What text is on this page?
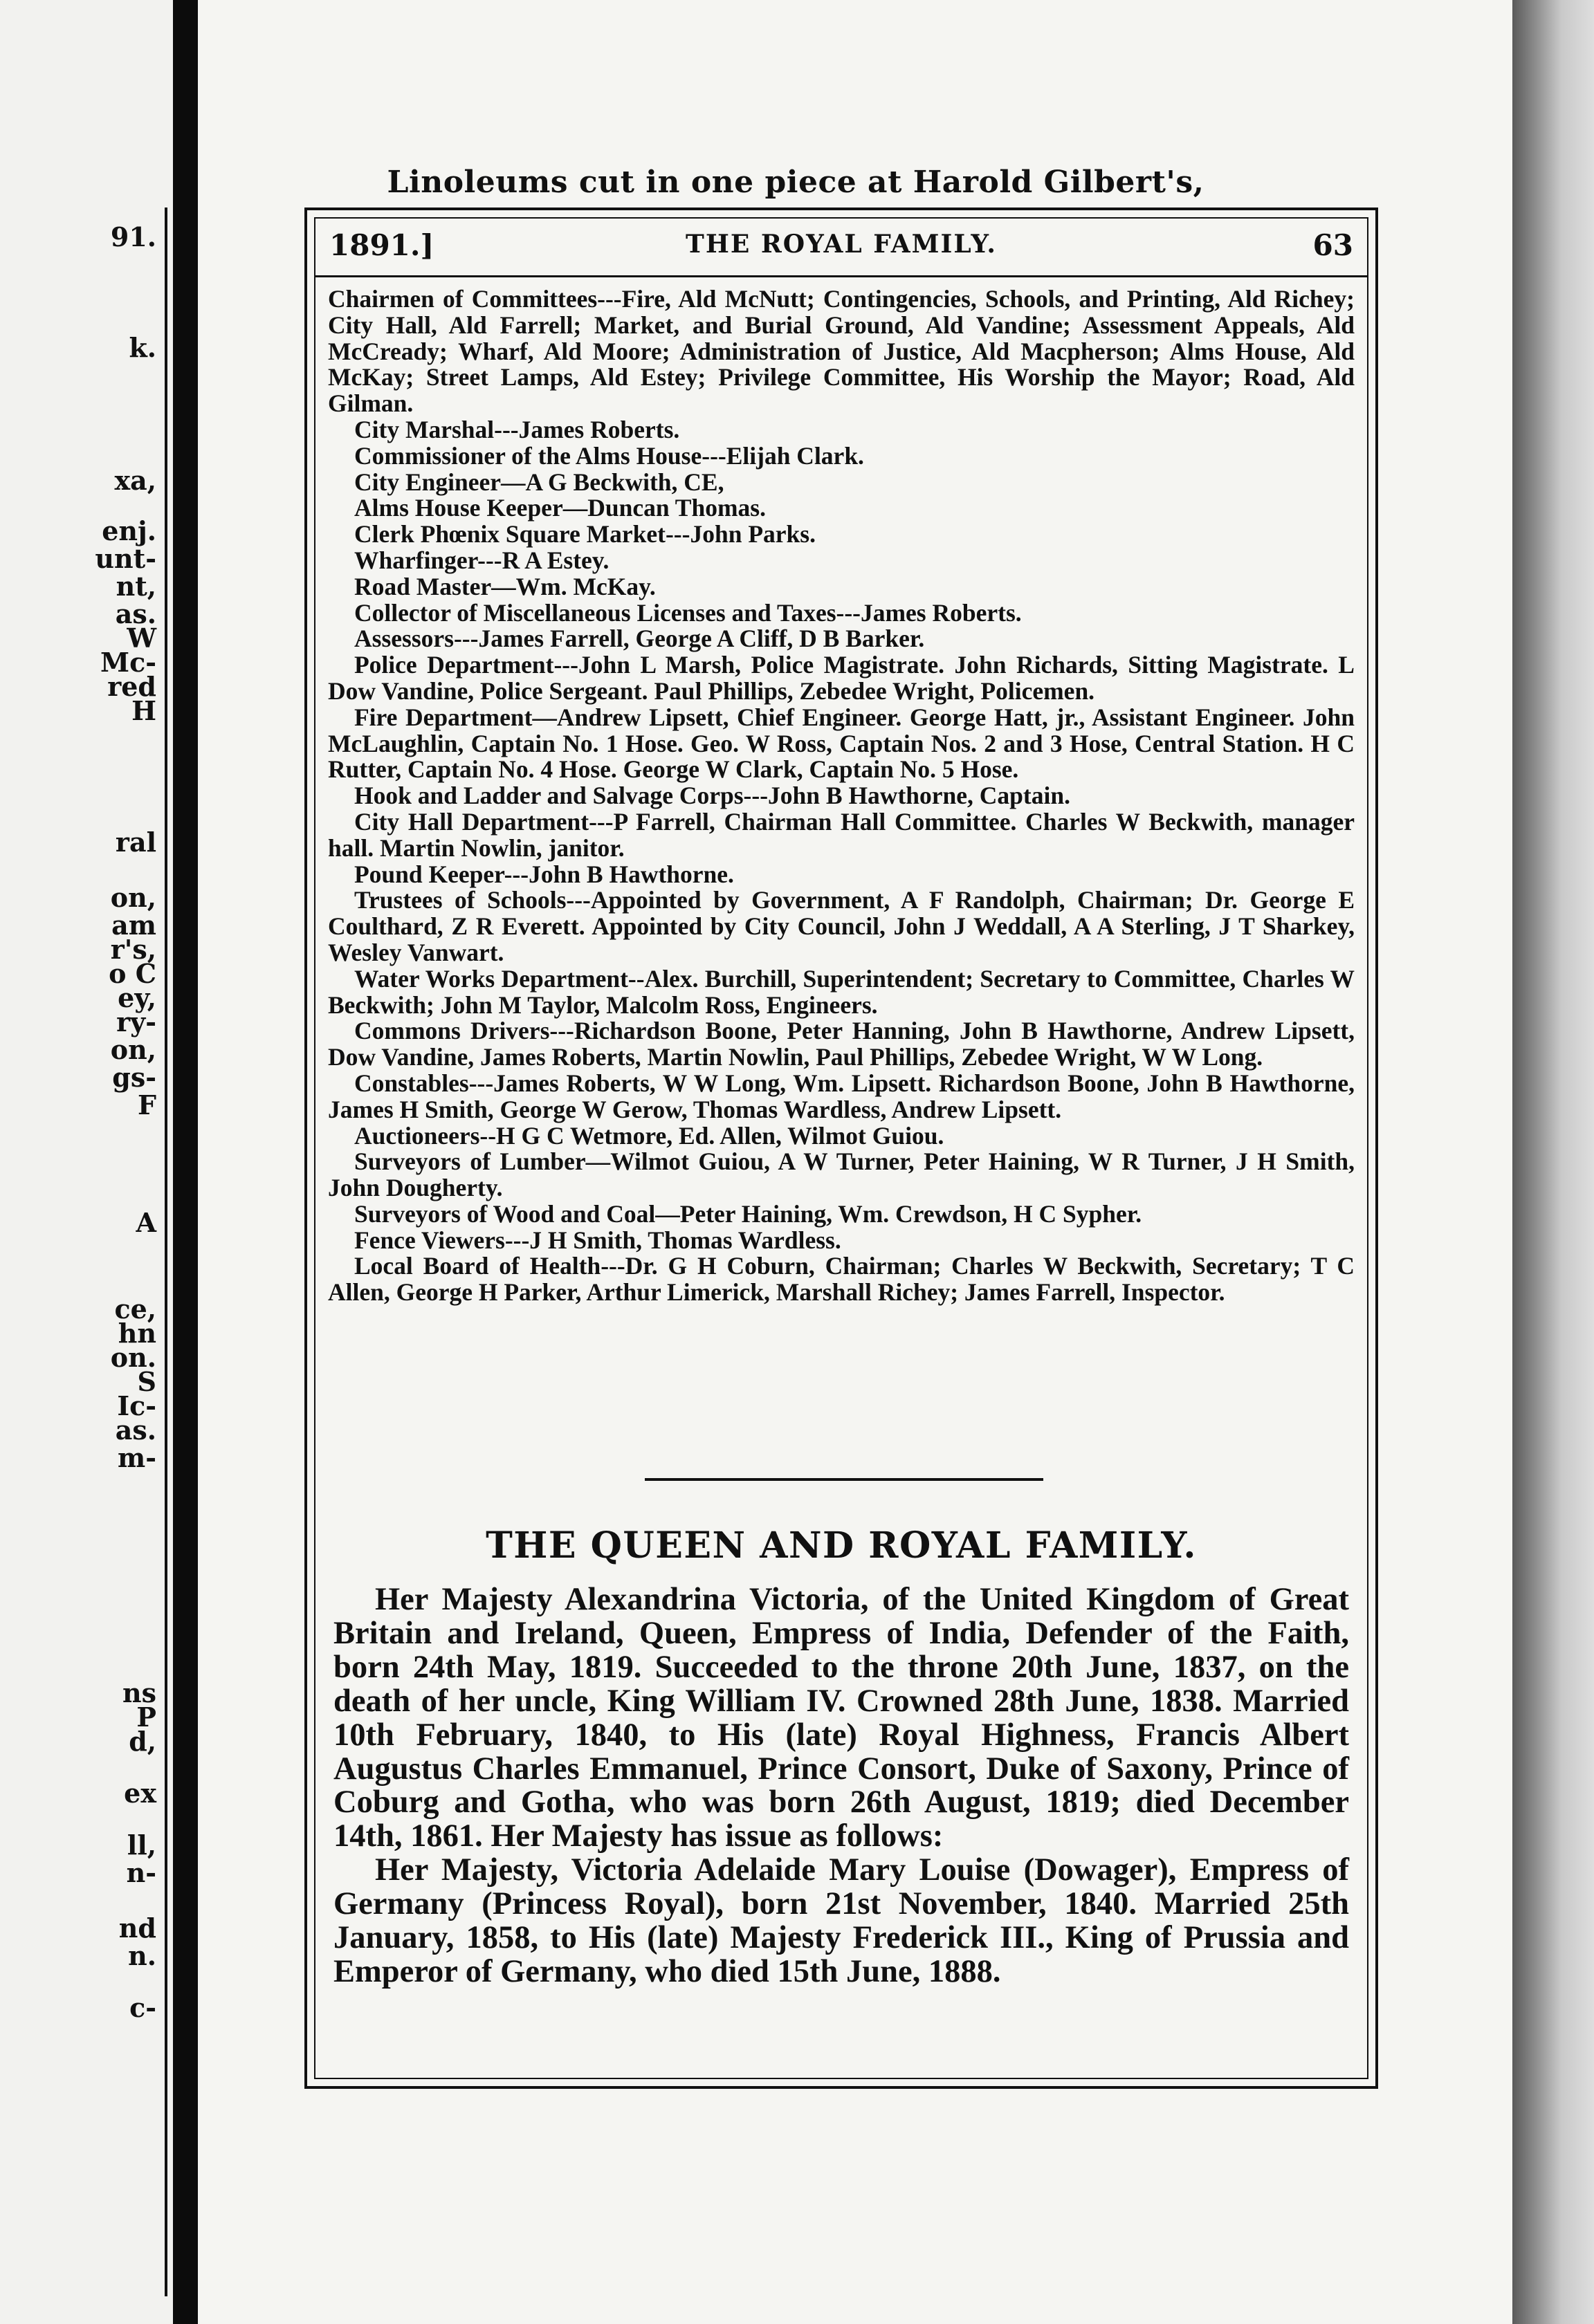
91.
k.
xa,
enj.
unt-
nt,
as.
W
Mc-
red
H
ral
on,
am
r's,
o C
ey,
ry-
on,
gs-
F
A
ce,
hn
on.
S
Ic-
as.
m-
ns
P
d,
ex
ll,
n-
nd
n.
c-
Linoleums cut in one piece at Harold Gilbert's,
1891.]	THE ROYAL FAMILY.	63

Chairmen of Committees---Fire, Ald McNutt; Contingencies, Schools, and Printing, Ald Richey; City Hall, Ald Farrell; Market, and Burial Ground, Ald Vandine; Assessment Appeals, Ald McCready; Wharf, Ald Moore; Administration of Justice, Ald Macpherson; Alms House, Ald McKay; Street Lamps, Ald Estey; Privilege Committee, His Worship the Mayor; Road, Ald Gilman.

City Marshal---James Roberts.

Commissioner of the Alms House---Elijah Clark.

City Engineer—A G Beckwith, CE,

Alms House Keeper—Duncan Thomas.

Clerk Phœnix Square Market---John Parks.

Wharfinger---R A Estey.

Road Master—Wm. McKay.

Collector of Miscellaneous Licenses and Taxes---James Roberts.

Assessors---James Farrell, George A Cliff, D B Barker.

Police Department---John L Marsh, Police Magistrate. John Richards, Sitting Magistrate. L Dow Vandine, Police Sergeant. Paul Phillips, Zebedee Wright, Policemen.

Fire Department—Andrew Lipsett, Chief Engineer. George Hatt, jr., Assistant Engineer. John McLaughlin, Captain No. 1 Hose. Geo. W Ross, Captain Nos. 2 and 3 Hose, Central Station. H C Rutter, Captain No. 4 Hose. George W Clark, Captain No. 5 Hose.

Hook and Ladder and Salvage Corps---John B Hawthorne, Captain.

City Hall Department---P Farrell, Chairman Hall Committee. Charles W Beckwith, manager hall. Martin Nowlin, janitor.

Pound Keeper---John B Hawthorne.

Trustees of Schools---Appointed by Government, A F Randolph, Chairman; Dr. George E Coulthard, Z R Everett. Appointed by City Council, John J Weddall, A A Sterling, J T Sharkey, Wesley Vanwart.

Water Works Department--Alex. Burchill, Superintendent; Secretary to Committee, Charles W Beckwith; John M Taylor, Malcolm Ross, Engineers.

Commons Drivers---Richardson Boone, Peter Hanning, John B Hawthorne, Andrew Lipsett, Dow Vandine, James Roberts, Martin Nowlin, Paul Phillips, Zebedee Wright, W W Long.

Constables---James Roberts, W W Long, Wm. Lipsett. Richardson Boone, John B Hawthorne, James H Smith, George W Gerow, Thomas Wardless, Andrew Lipsett.

Auctioneers--H G C Wetmore, Ed. Allen, Wilmot Guiou.

Surveyors of Lumber—Wilmot Guiou, A W Turner, Peter Haining, W R Turner, J H Smith, John Dougherty.

Surveyors of Wood and Coal—Peter Haining, Wm. Crewdson, H C Sypher.

Fence Viewers---J H Smith, Thomas Wardless.

Local Board of Health---Dr. G H Coburn, Chairman; Charles W Beckwith, Secretary; T C Allen, George H Parker, Arthur Limerick, Marshall Richey; James Farrell, Inspector.

THE QUEEN AND ROYAL FAMILY.

Her Majesty Alexandrina Victoria, of the United Kingdom of Great Britain and Ireland, Queen, Empress of India, Defender of the Faith, born 24th May, 1819. Succeeded to the throne 20th June, 1837, on the death of her uncle, King William IV. Crowned 28th June, 1838. Married 10th February, 1840, to His (late) Royal Highness, Francis Albert Augustus Charles Emmanuel, Prince Consort, Duke of Saxony, Prince of Coburg and Gotha, who was born 26th August, 1819; died December 14th, 1861. Her Majesty has issue as follows:

Her Majesty, Victoria Adelaide Mary Louise (Dowager), Empress of Germany (Princess Royal), born 21st November, 1840. Married 25th January, 1858, to His (late) Majesty Frederick III., King of Prussia and Emperor of Germany, who died 15th June, 1888.
